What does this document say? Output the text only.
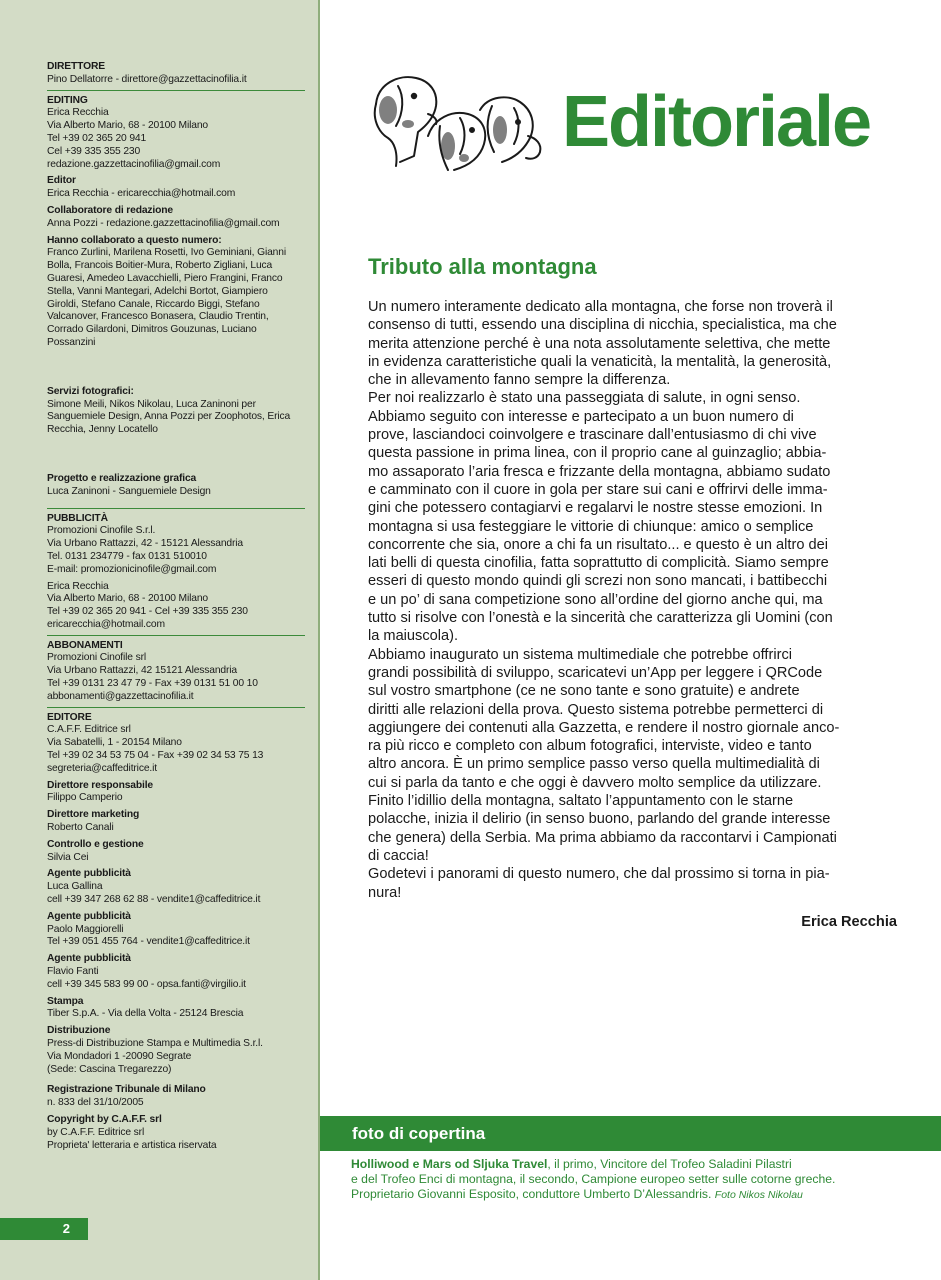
DIRETTORE
Pino Dellatorre - direttore@gazzettacinofilia.it
EDITING
Erica Recchia
Via Alberto Mario, 68 - 20100 Milano
Tel +39 02 365 20 941
Cel +39 335 355 230
redazione.gazzettacinofilia@gmail.com
Editor
Erica Recchia - ericarecchia@hotmail.com
Collaboratore di redazione
Anna Pozzi - redazione.gazzettacinofilia@gmail.com
Hanno collaborato a questo numero:
Franco Zurlini, Marilena Rosetti, Ivo Geminiani, Gianni
Bolla, Francois Boitier-Mura, Roberto Zigliani, Luca
Guaresi, Amedeo Lavacchielli, Piero Frangini, Franco
Stella, Vanni Mantegari, Adelchi Bortot, Giampiero
Giroldi, Stefano Canale, Riccardo Biggi, Stefano
Valcanover, Francesco Bonasera, Claudio Trentin,
Corrado Gilardoni, Dimitros Gouzunas, Luciano
Possanzini
Servizi fotografici:
Simone Meili, Nikos Nikolau, Luca Zaninoni per
Sanguemiele Design, Anna Pozzi per Zoophotos, Erica
Recchia, Jenny Locatello
Progetto e realizzazione grafica
Luca Zaninoni - Sanguemiele Design
PUBBLICITÀ
Promozioni Cinofile S.r.l.
Via Urbano Rattazzi, 42 - 15121 Alessandria
Tel. 0131 234779 - fax 0131 510010
E-mail: promozionicinofile@gmail.com
Erica Recchia
Via Alberto Mario, 68 - 20100 Milano
Tel +39 02 365 20 941 - Cel +39 335 355 230
ericarecchia@hotmail.com
ABBONAMENTI
Promozioni Cinofile srl
Via Urbano Rattazzi, 42 15121 Alessandria
Tel +39 0131 23 47 79 - Fax +39 0131 51 00 10
abbonamenti@gazzettacinofilia.it
EDITORE
C.A.F.F. Editrice srl
Via Sabatelli, 1 - 20154 Milano
Tel +39 02 34 53 75 04 - Fax +39 02 34 53 75 13
segreteria@caffeditrice.it
Direttore responsabile
Filippo Camperio
Direttore marketing
Roberto Canali
Controllo e gestione
Silvia Cei
Agente pubblicità
Luca Gallina
cell +39 347 268 62 88 - vendite1@caffeditrice.it
Agente pubblicità
Paolo Maggiorelli
Tel +39 051 455 764 - vendite1@caffeditrice.it
Agente pubblicità
Flavio Fanti
cell +39 345 583 99 00 - opsa.fanti@virgilio.it
Stampa
Tiber S.p.A. - Via della Volta - 25124 Brescia
Distribuzione
Press-di Distribuzione Stampa e Multimedia S.r.l.
Via Mondadori 1 -20090 Segrate
(Sede: Cascina Tregarezzo)
Registrazione Tribunale di Milano
n. 833 del 31/10/2005
Copyright by C.A.F.F. srl
by C.A.F.F. Editrice srl
Proprieta' letteraria e artistica riservata
2
Editoriale
Tributo alla montagna
Un numero interamente dedicato alla montagna, che forse non troverà il
consenso di tutti, essendo una disciplina di nicchia, specialistica, ma che
merita attenzione perché è una nota assolutamente selettiva, che mette
in evidenza caratteristiche quali la venaticità, la mentalità, la generosità,
che in allevamento fanno sempre la differenza.
Per noi realizzarlo è stato una passeggiata di salute, in ogni senso.
Abbiamo seguito con interesse e partecipato a un buon numero di
prove, lasciandoci coinvolgere e trascinare dall’entusiasmo di chi vive
questa passione in prima linea, con il proprio cane al guinzaglio; abbia-
mo assaporato l’aria fresca e frizzante della montagna, abbiamo sudato
e camminato con il cuore in gola per stare sui cani e offrirvi delle imma-
gini che potessero contagiarvi e regalarvi le nostre stesse emozioni. In
montagna si usa festeggiare le vittorie di chiunque: amico o semplice
concorrente che sia, onore a chi fa un risultato... e questo è un altro dei
lati belli di questa cinofilia, fatta soprattutto di complicità. Siamo sempre
esseri di questo mondo quindi gli screzi non sono mancati, i battibecchi
e un po’ di sana competizione sono all’ordine del giorno anche qui, ma
tutto si risolve con l’onestà e la sincerità che caratterizza gli Uomini (con
la maiuscola).
Abbiamo inaugurato un sistema multimediale che potrebbe offrirci
grandi possibilità di sviluppo, scaricatevi un’App per leggere i QRCode
sul vostro smartphone (ce ne sono tante e sono gratuite) e andrete
diritti alle relazioni della prova. Questo sistema potrebbe permetterci di
aggiungere dei contenuti alla Gazzetta, e rendere il nostro giornale anco-
ra più ricco e completo con album fotografici, interviste, video e tanto
altro ancora. È un primo semplice passo verso quella multimedialità di
cui si parla da tanto e che oggi è davvero molto semplice da utilizzare.
Finito l’idillio della montagna, saltato l’appuntamento con le starne
polacche, inizia il delirio (in senso buono, parlando del grande interesse
che genera) della Serbia. Ma prima abbiamo da raccontarvi i Campionati
di caccia!
Godetevi i panorami di questo numero, che dal prossimo si torna in pia-
nura!
Erica Recchia
foto di copertina
Holliwood e Mars od Sljuka Travel, il primo, Vincitore del Trofeo Saladini Pilastri
e del Trofeo Enci di montagna, il secondo, Campione europeo setter sulle cotorne greche.
Proprietario Giovanni Esposito, conduttore Umberto D’Alessandris. Foto Nikos Nikolau
